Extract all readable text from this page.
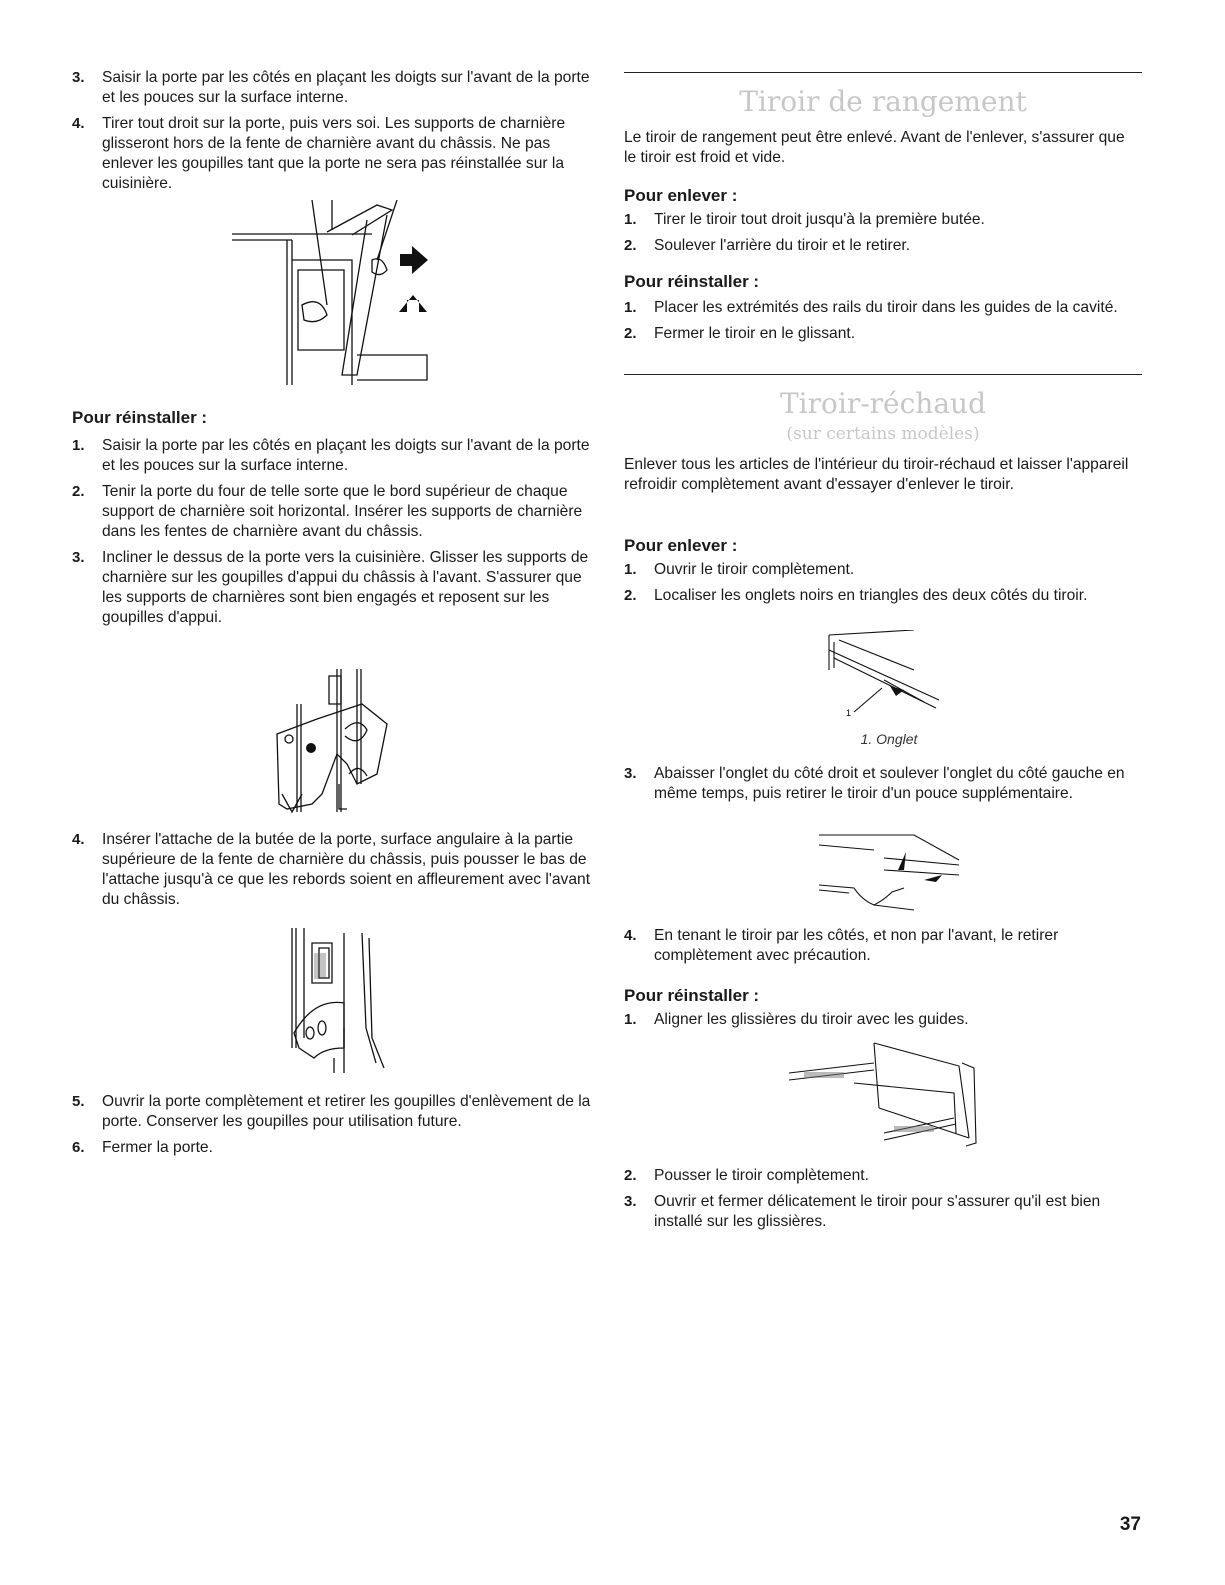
3. Saisir la porte par les côtés en plaçant les doigts sur l'avant de la porte et les pouces sur la surface interne.
4. Tirer tout droit sur la porte, puis vers soi. Les supports de charnière glisseront hors de la fente de charnière avant du châssis. Ne pas enlever les goupilles tant que la porte ne sera pas réinstallée sur la cuisinière.
Pour réinstaller :
1. Saisir la porte par les côtés en plaçant les doigts sur l'avant de la porte et les pouces sur la surface interne.
2. Tenir la porte du four de telle sorte que le bord supérieur de chaque support de charnière soit horizontal. Insérer les supports de charnière dans les fentes de charnière avant du châssis.
3. Incliner le dessus de la porte vers la cuisinière. Glisser les supports de charnière sur les goupilles d'appui du châssis à l'avant. S'assurer que les supports de charnières sont bien engagés et reposent sur les goupilles d'appui.
4. Insérer l'attache de la butée de la porte, surface angulaire à la partie supérieure de la fente de charnière du châssis, puis pousser le bas de l'attache jusqu'à ce que les rebords soient en affleurement avec l'avant du châssis.
5. Ouvrir la porte complètement et retirer les goupilles d'enlèvement de la porte. Conserver les goupilles pour utilisation future.
6. Fermer la porte.
Tiroir de rangement

Le tiroir de rangement peut être enlevé. Avant de l'enlever, s'assurer que le tiroir est froid et vide.

Pour enlever :
1. Tirer le tiroir tout droit jusqu'à la première butée.
2. Soulever l'arrière du tiroir et le retirer.
Pour réinstaller :
1. Placer les extrémités des rails du tiroir dans les guides de la cavité.
2. Fermer le tiroir en le glissant.
Tiroir-réchaud
(sur certains modèles)

Enlever tous les articles de l'intérieur du tiroir-réchaud et laisser l'appareil refroidir complètement avant d'essayer d'enlever le tiroir.

Pour enlever :
1. Ouvrir le tiroir complètement.
2. Localiser les onglets noirs en triangles des deux côtés du tiroir.
1
1. Onglet
3. Abaisser l'onglet du côté droit et soulever l'onglet du côté gauche en même temps, puis retirer le tiroir d'un pouce supplémentaire.
4. En tenant le tiroir par les côtés, et non par l'avant, le retirer complètement avec précaution.
Pour réinstaller :
1. Aligner les glissières du tiroir avec les guides.
2. Pousser le tiroir complètement.
3. Ouvrir et fermer délicatement le tiroir pour s'assurer qu'il est bien installé sur les glissières.
37
